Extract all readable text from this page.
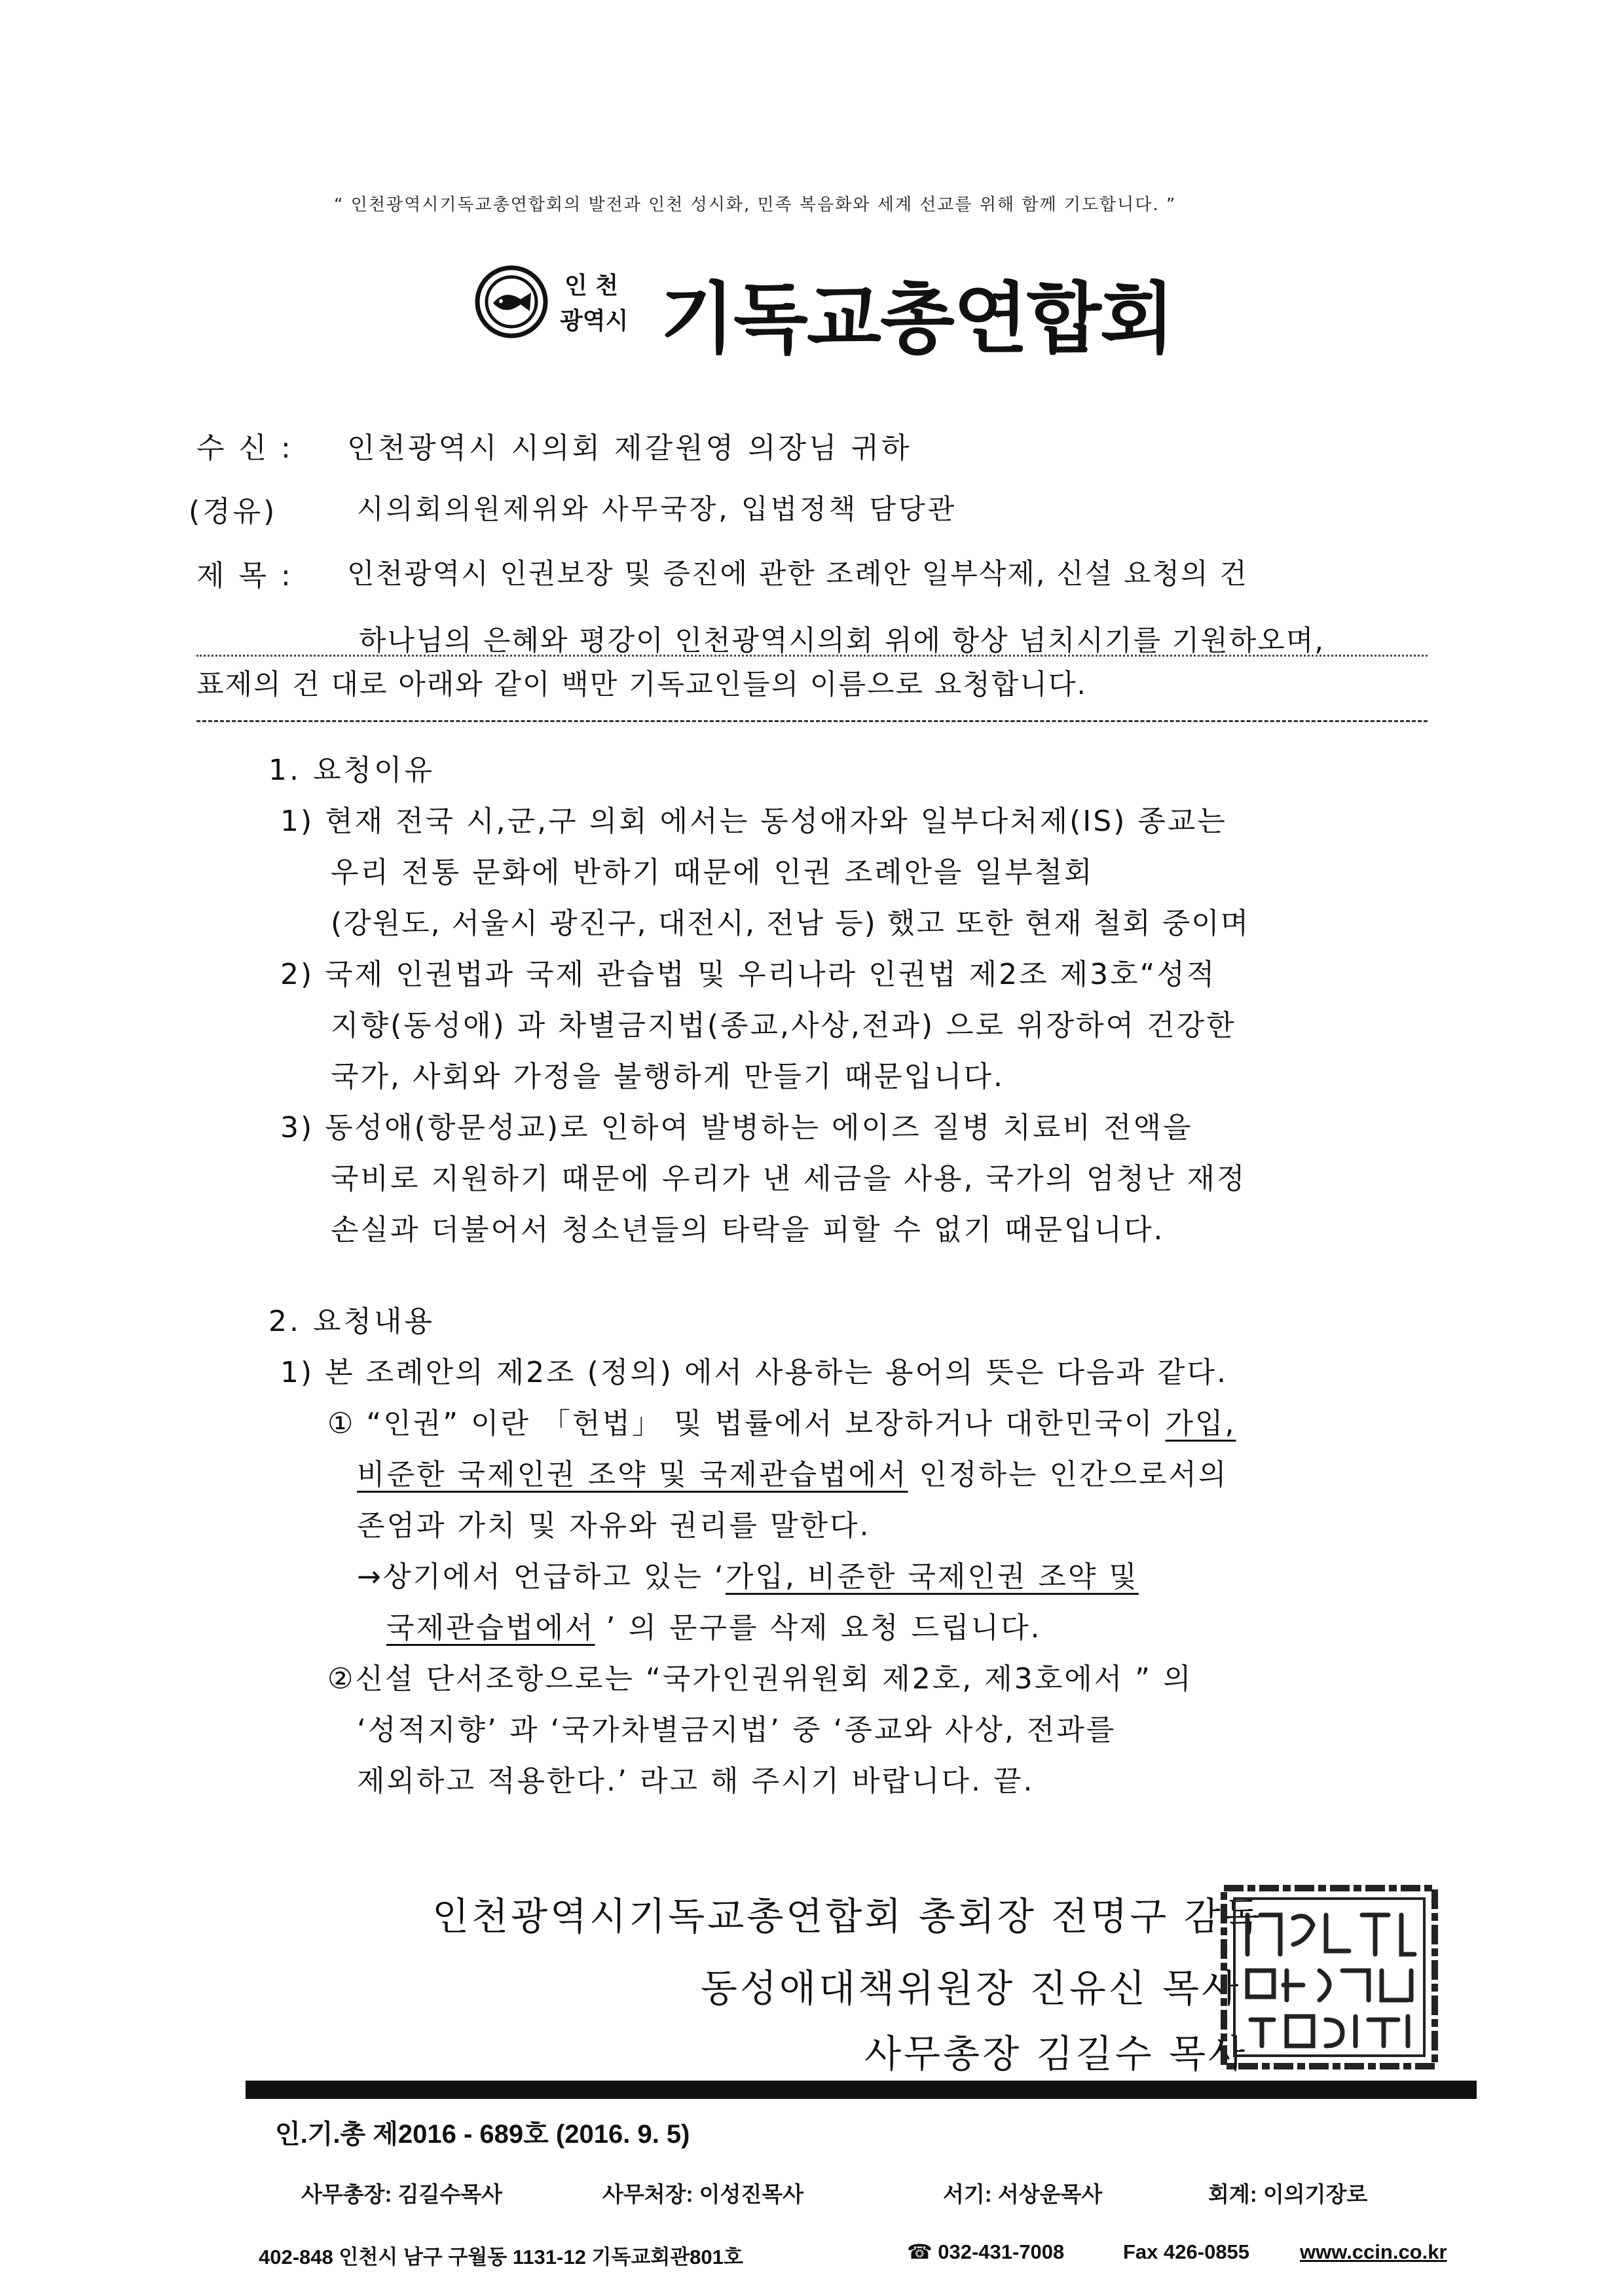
“ 인천광역시기독교총연합회의 발전과 인천 성시화, 민족 복음화와 세계 선교를 위해 함께 기도합니다. ”
인 천
광역시 기독교총연합회
수 신 : 인천광역시 시의회 제갈원영 의장님 귀하
(경유)	시의회의원제위와 사무국장, 입법정책 담당관
제 목 : 인천광역시 인권보장 및 증진에 관한 조례안 일부삭제, 신설 요청의 건
하나님의 은혜와 평강이 인천광역시의회 위에 항상 넘치시기를 기원하오며,
표제의 건 대로 아래와 같이 백만 기독교인들의 이름으로 요청합니다.
1. 요청이유
1) 현재 전국 시,군,구 의회 에서는 동성애자와 일부다처제(IS) 종교는
우리 전통 문화에 반하기 때문에 인권 조례안을 일부철회
(강원도, 서울시 광진구, 대전시, 전남 등) 했고 또한 현재 철회 중이며
2) 국제 인권법과 국제 관습법 및 우리나라 인권법 제2조 제3호“성적
지향(동성애) 과 차별금지법(종교,사상,전과) 으로 위장하여 건강한
국가, 사회와 가정을 불행하게 만들기 때문입니다.
3) 동성애(항문성교)로 인하여 발병하는 에이즈 질병 치료비 전액을
국비로 지원하기 때문에 우리가 낸 세금을 사용, 국가의 엄청난 재정
손실과 더불어서 청소년들의 타락을 피할 수 없기 때문입니다.
2. 요청내용
1) 본 조례안의 제2조 (정의) 에서 사용하는 용어의 뜻은 다음과 같다.
① “인권” 이란 「헌법」 및 법률에서 보장하거나 대한민국이 가입,
비준한 국제인권 조약 및 국제관습법에서 인정하는 인간으로서의
존엄과 가치 및 자유와 권리를 말한다.
→상기에서 언급하고 있는 ‘가입, 비준한 국제인권 조약 및
국제관습법에서 ’ 의 문구를 삭제 요청 드립니다.
②신설 단서조항으로는 “국가인권위원회 제2호, 제3호에서 ” 의
‘성적지향’ 과 ‘국가차별금지법’ 중 ‘종교와 사상, 전과를
제외하고 적용한다.’ 라고 해 주시기 바랍니다. 끝.
인천광역시기독교총연합회 총회장 전명구 감독
동성애대책위원장 진유신 목사
사무총장 김길수 목사
인.기.총 제2016 - 689호 (2016. 9. 5)
사무총장: 김길수목사	사무처장: 이성진목사	서기: 서상운목사	회계: 이의기장로
402-848 인천시 남구 구월동 1131-12 기독교회관801호	☎ 032-431-7008	Fax 426-0855 www.ccin.co.kr
